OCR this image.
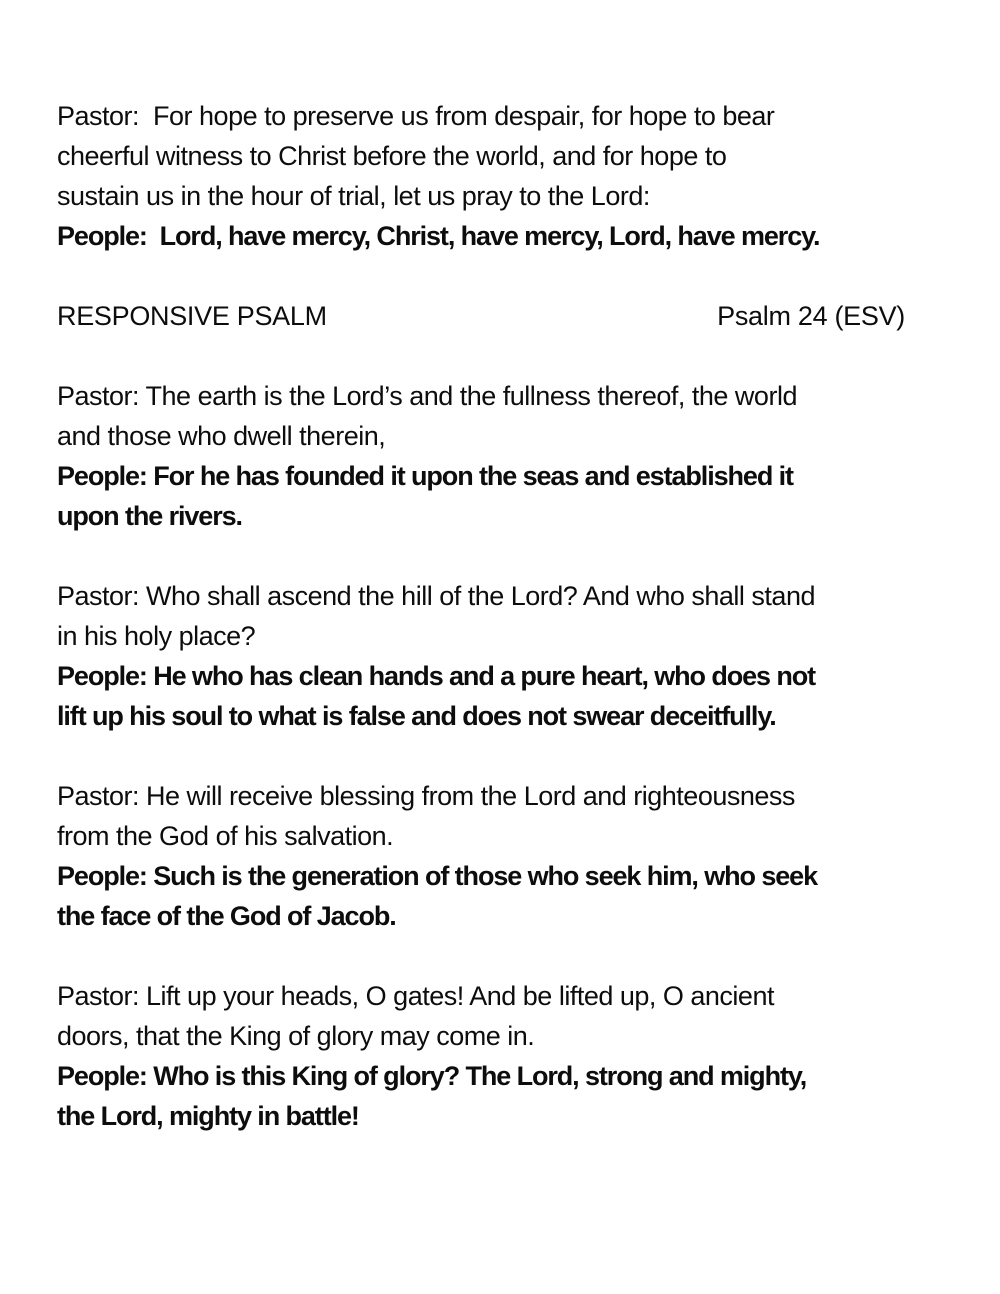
Pastor:  For hope to preserve us from despair, for hope to bear
cheerful witness to Christ before the world, and for hope to
sustain us in the hour of trial, let us pray to the Lord:
People:  Lord, have mercy, Christ, have mercy, Lord, have mercy.
RESPONSIVE PSALM	Psalm 24 (ESV)
Pastor: The earth is the Lord’s and the fullness thereof, the world
and those who dwell therein,
People: For he has founded it upon the seas and established it
upon the rivers.
Pastor: Who shall ascend the hill of the Lord? And who shall stand
in his holy place?
People: He who has clean hands and a pure heart, who does not
lift up his soul to what is false and does not swear deceitfully.
Pastor: He will receive blessing from the Lord and righteousness
from the God of his salvation.
People: Such is the generation of those who seek him, who seek
the face of the God of Jacob.
Pastor: Lift up your heads, O gates! And be lifted up, O ancient
doors, that the King of glory may come in.
People: Who is this King of glory? The Lord, strong and mighty,
the Lord, mighty in battle!
